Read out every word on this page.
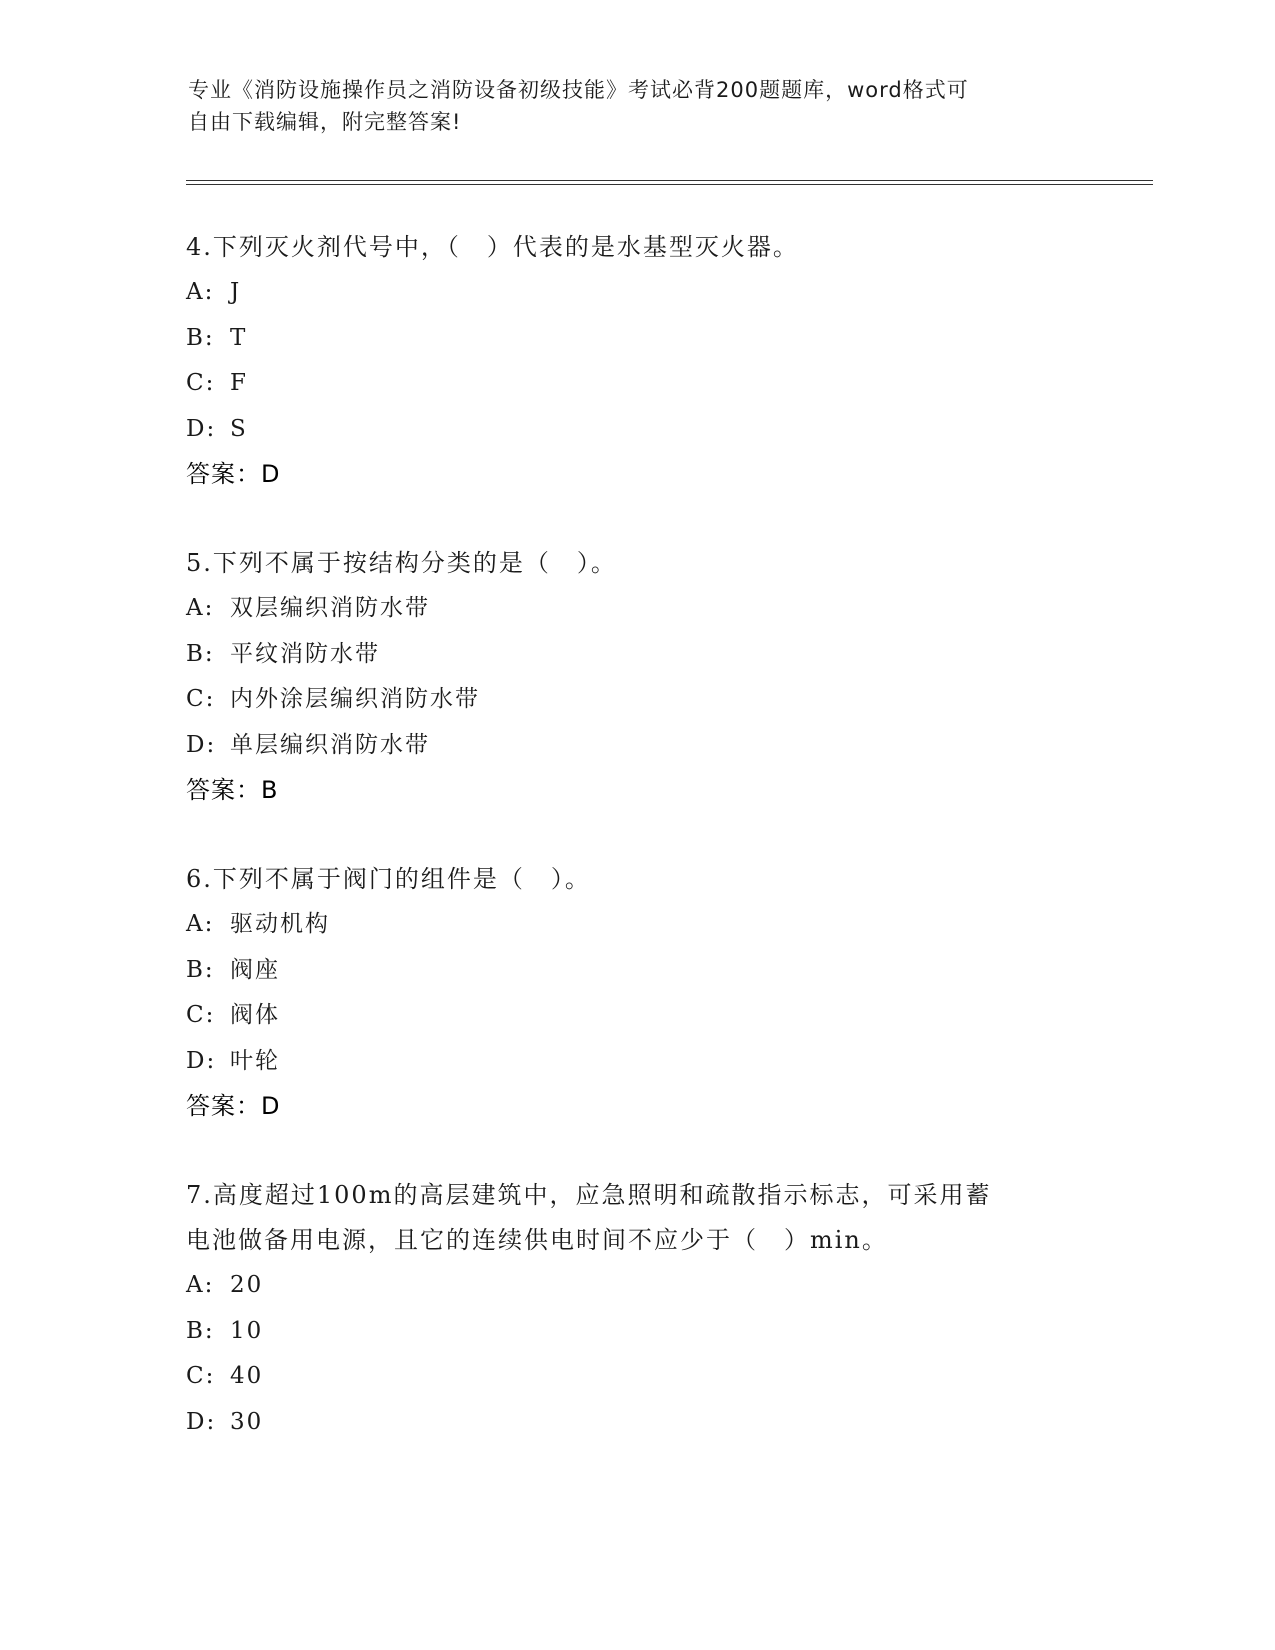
专业《消防设施操作员之消防设备初级技能》考试必背200题题库，word格式可
自由下载编辑，附完整答案!
4.下列灭火剂代号中，（　）代表的是水基型灭火器。
A: J
B: T
C: F
D: S
答案：D
5.下列不属于按结构分类的是（　）。
A: 双层编织消防水带
B: 平纹消防水带
C: 内外涂层编织消防水带
D: 单层编织消防水带
答案：B
6.下列不属于阀门的组件是（　）。
A: 驱动机构
B: 阀座
C: 阀体
D: 叶轮
答案：D
7.高度超过100m的高层建筑中，应急照明和疏散指示标志，可采用蓄
电池做备用电源，且它的连续供电时间不应少于（　）min。
A: 20
B: 10
C: 40
D: 30
